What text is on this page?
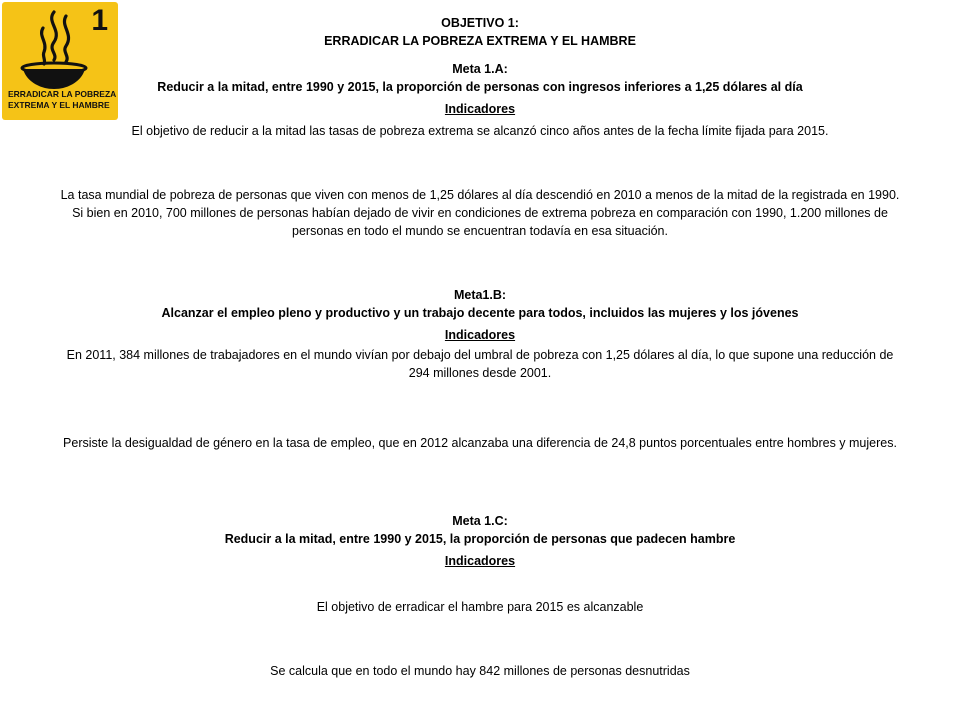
1
ERRADICAR LA POBREZA
EXTREMA Y EL HAMBRE
OBJETIVO 1:
ERRADICAR LA POBREZA EXTREMA Y EL HAMBRE
Meta 1.A:
Reducir a la mitad, entre 1990 y 2015, la proporción de personas con ingresos inferiores a 1,25 dólares al día
Indicadores
El objetivo de reducir a la mitad las tasas de pobreza extrema se alcanzó cinco años antes de la fecha límite fijada para 2015.
La tasa mundial de pobreza de personas que viven con menos de 1,25 dólares al día descendió en 2010 a menos de la mitad de la registrada en 1990. Si bien en 2010, 700 millones de personas habían dejado de vivir en condiciones de extrema pobreza en comparación con 1990, 1.200 millones de personas en todo el mundo se encuentran todavía en esa situación.
Meta1.B:
Alcanzar el empleo pleno y productivo y un trabajo decente para todos, incluidos las mujeres y los jóvenes
Indicadores
En 2011, 384 millones de trabajadores en el mundo vivían por debajo del umbral de pobreza con 1,25 dólares al día, lo que supone una reducción de 294 millones desde 2001.
Persiste la desigualdad de género en la tasa de empleo, que en 2012 alcanzaba una diferencia de 24,8 puntos porcentuales entre hombres y mujeres.
Meta 1.C:
Reducir a la mitad, entre 1990 y 2015, la proporción de personas que padecen hambre
Indicadores
El objetivo de erradicar el hambre para 2015 es alcanzable
Se calcula que en todo el mundo hay 842 millones de personas desnutridas
